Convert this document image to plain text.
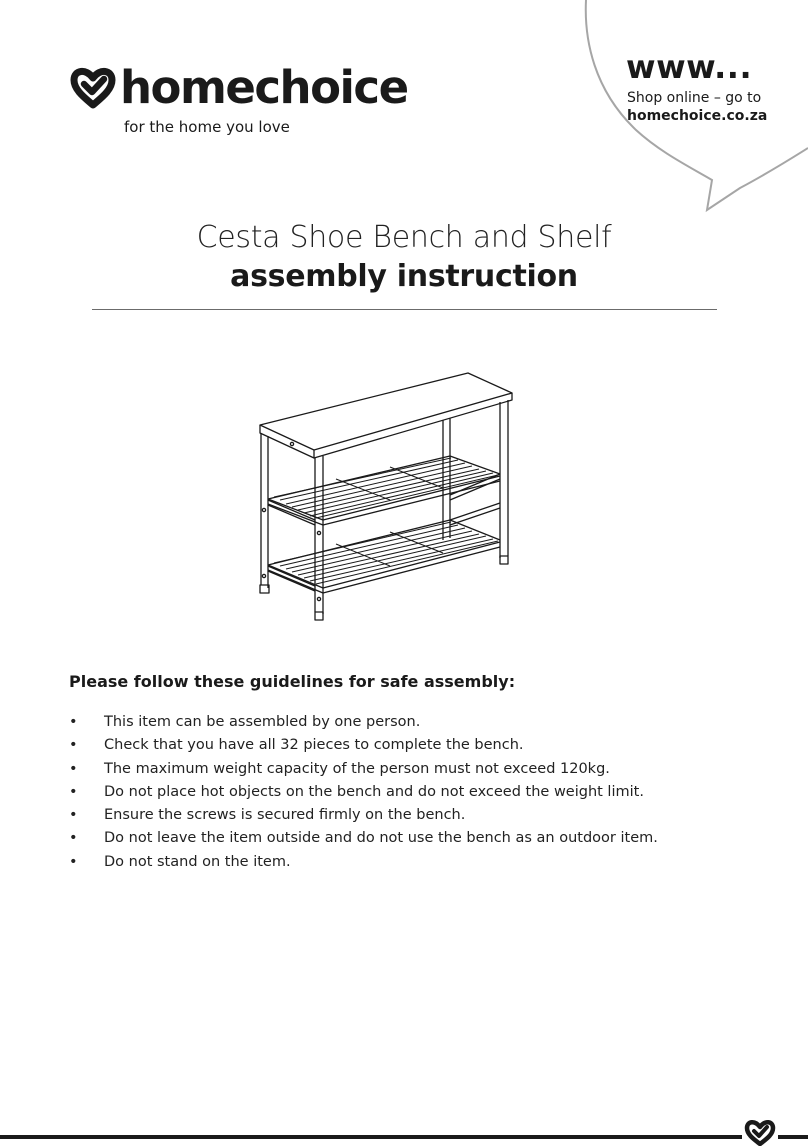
homechoice
for the home you love
www...
Shop online – go to
homechoice.co.za
Cesta Shoe Bench and Shelf
assembly instruction
Please follow these guidelines for safe assembly:
• This item can be assembled by one person.
• Check that you have all 32 pieces to complete the bench.
• The maximum weight capacity of the person must not exceed 120kg.
• Do not place hot objects on the bench and do not exceed the weight limit.
• Ensure the screws is secured firmly on the bench.
• Do not leave the item outside and do not use the bench as an outdoor item.
• Do not stand on the item.
